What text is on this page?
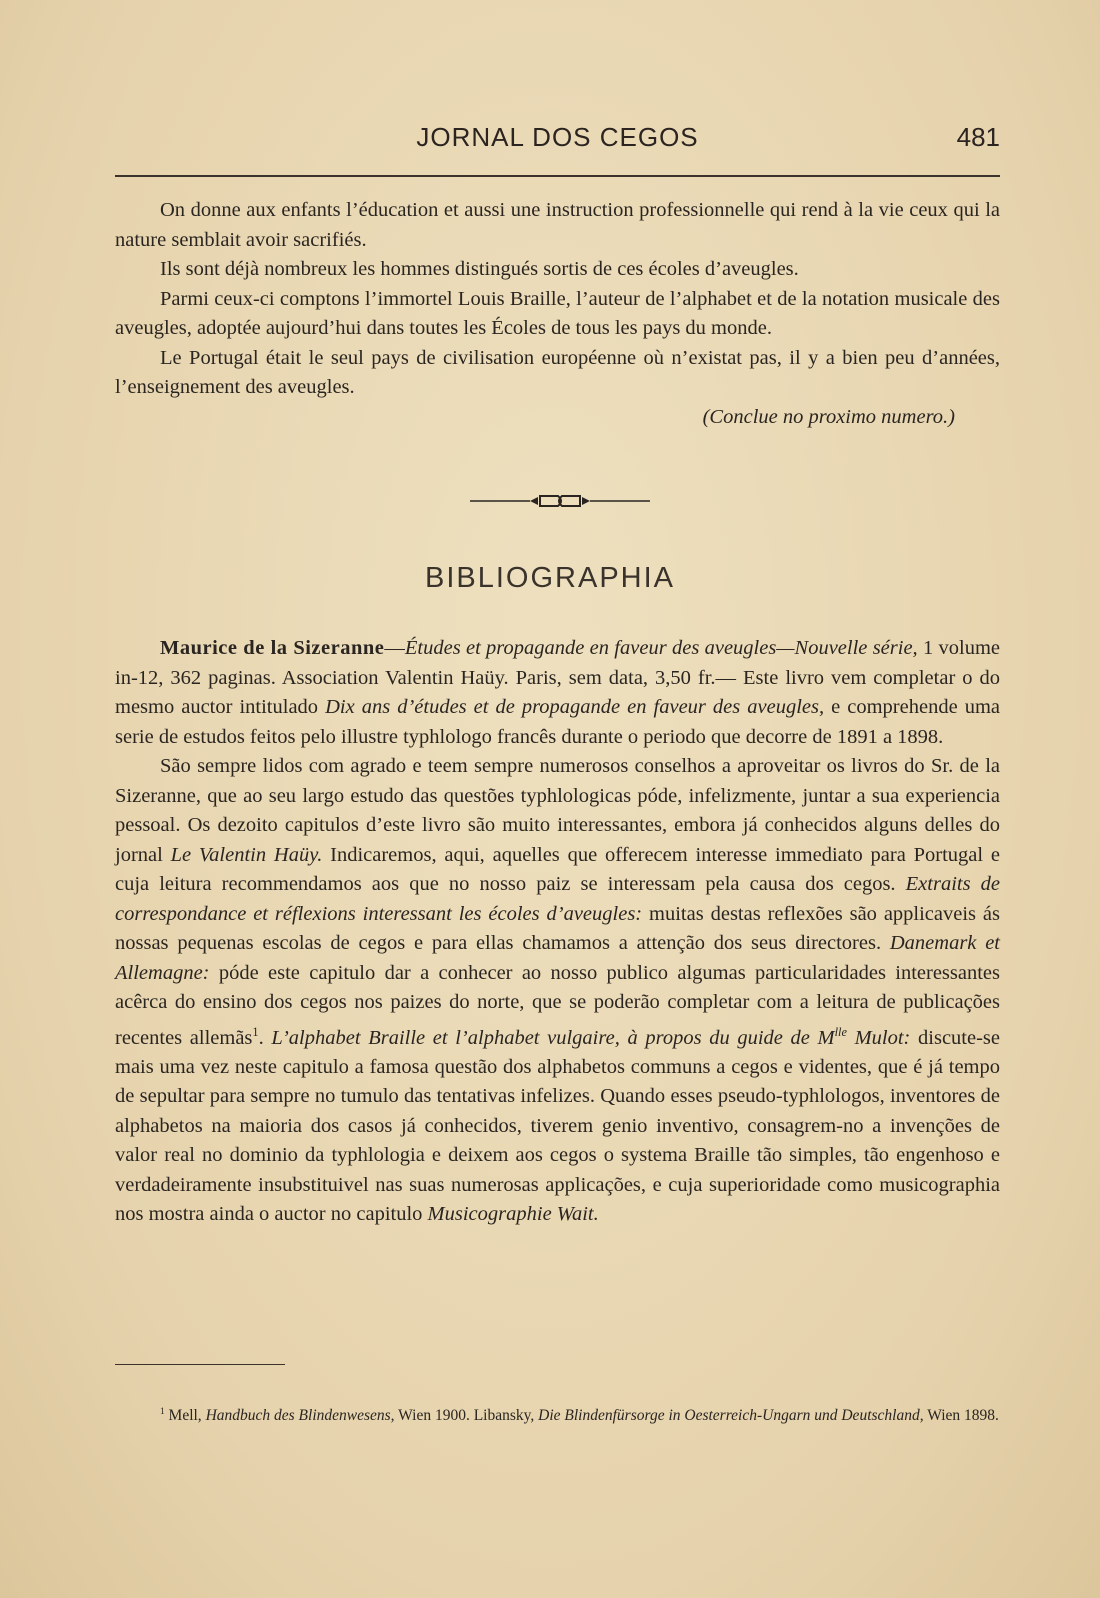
JORNAL DOS CEGOS	481

On donne aux enfants l’éducation et aussi une instruction professionnelle qui rend à la vie ceux qui la nature semblait avoir sacrifiés.

Ils sont déjà nombreux les hommes distingués sortis de ces écoles d’aveugles.

Parmi ceux-ci comptons l’immortel Louis Braille, l’auteur de l’alphabet et de la notation musicale des aveugles, adoptée aujourd’hui dans toutes les Écoles de tous les pays du monde.

Le Portugal était le seul pays de civilisation européenne où n’existat pas, il y a bien peu d’années, l’enseignement des aveugles.

(Conclue no proximo numero.)

BIBLIOGRAPHIA

Maurice de la Sizeranne—Études et propagande en faveur des aveugles—Nouvelle série, 1 volume in-12, 362 paginas. Association Valentin Haüy. Paris, sem data, 3,50 fr.— Este livro vem completar o do mesmo auctor intitulado Dix ans d’études et de propagande en faveur des aveugles, e comprehende uma serie de estudos feitos pelo illustre typhlologo francês durante o periodo que decorre de 1891 a 1898.

São sempre lidos com agrado e teem sempre numerosos conselhos a aproveitar os livros do Sr. de la Sizeranne, que ao seu largo estudo das questões typhlologicas póde, infelizmente, juntar a sua experiencia pessoal. Os dezoito capitulos d’este livro são muito interessantes, embora já conhecidos alguns delles do jornal Le Valentin Haüy. Indicaremos, aqui, aquelles que offerecem interesse immediato para Portugal e cuja leitura recommendamos aos que no nosso paiz se interessam pela causa dos cegos. Extraits de correspondance et réflexions interessant les écoles d’aveugles: muitas destas reflexões são applicaveis ás nossas pequenas escolas de cegos e para ellas chamamos a attenção dos seus directores. Danemark et Allemagne: póde este capitulo dar a conhecer ao nosso publico algumas particularidades interessantes acêrca do ensino dos cegos nos paizes do norte, que se poderão completar com a leitura de publicações recentes allemãs$^1$. L’alphabet Braille et l’alphabet vulgaire, à propos du guide de $M^{lle}$ Mulot: discute-se mais uma vez neste capitulo a famosa questão dos alphabetos communs a cegos e videntes, que é já tempo de sepultar para sempre no tumulo das tentativas infelizes. Quando esses pseudo-typhlologos, inventores de alphabetos na maioria dos casos já conhecidos, tiverem genio inventivo, consagrem-no a invenções de valor real no dominio da typhlologia e deixem aos cegos o systema Braille tão simples, tão engenhoso e verdadeiramente insubstituivel nas suas numerosas applicações, e cuja superioridade como musicographia nos mostra ainda o auctor no capitulo Musicographie Wait.

$^1$ Mell, Handbuch des Blindenwesens, Wien 1900. Libansky, Die Blindenfürsorge in Oesterreich-Ungarn und Deutschland, Wien 1898.
